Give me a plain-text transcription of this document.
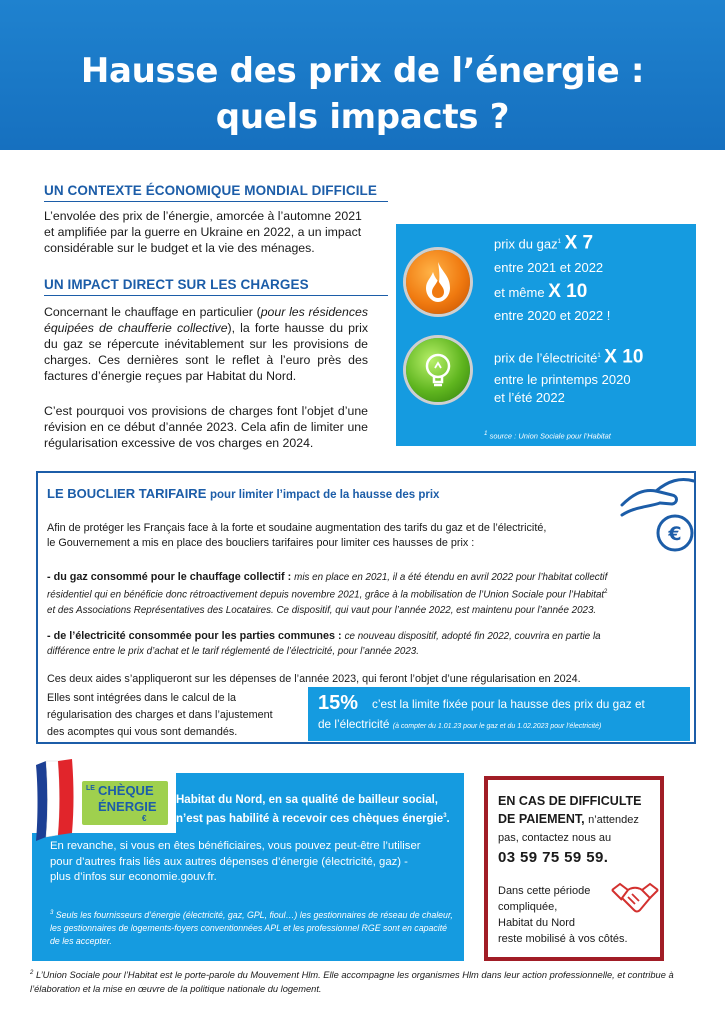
Hausse des prix de l’énergie :
quels impacts ?
UN CONTEXTE ÉCONOMIQUE MONDIAL DIFFICILE
L’envolée des prix de l’énergie, amorcée à l’automne 2021
et amplifiée par la guerre en Ukraine en 2022, a un impact
considérable sur le budget et la vie des ménages.
UN IMPACT DIRECT SUR LES CHARGES
Concernant le chauffage en particulier (pour les résidences équipées de chaufferie collective), la forte hausse du prix du gaz se répercute inévitablement sur les provisions de charges. Ces dernières sont le reflet à l’euro près des factures d’énergie reçues par Habitat du Nord.
C’est pourquoi vos provisions de charges font l’objet d’une révision en ce début d’année 2023. Cela afin de limiter une régularisation excessive de vos charges en 2024.
prix du gaz$^1$ X 7
entre 2021 et 2022
et même X 10
entre 2020 et 2022 !
prix de l’électricité$^1$ X 10
entre le printemps 2020
et l’été 2022
$^1$ source : Union Sociale pour l’Habitat
LE BOUCLIER TARIFAIRE pour limiter l’impact de la hausse des prix
€
Afin de protéger les Français face à la forte et soudaine augmentation des tarifs du gaz et de l’électricité,
le Gouvernement a mis en place des boucliers tarifaires pour limiter ces hausses de prix :
- du gaz consommé pour le chauffage collectif : mis en place en 2021, il a été étendu en avril 2022 pour l’habitat collectif
résidentiel qui en bénéficie donc rétroactivement depuis novembre 2021, grâce à la mobilisation de l’Union Sociale pour l’Habitat$^2$
et des Associations Représentatives des Locataires. Ce dispositif, qui vaut pour l’année 2022, est maintenu pour l’année 2023.
- de l’électricité consommée pour les parties communes : ce nouveau dispositif, adopté fin 2022, couvrira en partie la
différence entre le prix d’achat et le tarif réglementé de l’électricité, pour l’année 2023.
Ces deux aides s’appliqueront sur les dépenses de l’année 2023, qui feront l’objet d’une régularisation en 2024.
Elles sont intégrées dans le calcul de la
régularisation des charges et dans l’ajustement
des acomptes qui vous sont demandés.
15% c’est la limite fixée pour la hausse des prix du gaz et
de l’électricité (à compter du 1.01.23 pour le gaz et du 1.02.2023 pour l’électricité)
LE CHÈQUE
ÉNERGIE
€
Habitat du Nord, en sa qualité de bailleur social,
n’est pas habilité à recevoir ces chèques énergie$^3$.
En revanche, si vous en êtes bénéficiaires, vous pouvez peut-être l’utiliser
pour d’autres frais liés aux autres dépenses d’énergie (électricité, gaz) -
plus d’infos sur economie.gouv.fr.
$^3$ Seuls les fournisseurs d’énergie (électricité, gaz, GPL, fioul…) les gestionnaires de réseau de chaleur, les gestionnaires de logements-foyers conventionnées APL et les professionnel RGE sont en capacité de les accepter.
EN CAS DE DIFFICULTE
DE PAIEMENT, n’attendez
pas, contactez nous au
03 59 75 59 59.
Dans cette période
compliquée,
Habitat du Nord
reste mobilisé à vos côtés.
$^2$ L’Union Sociale pour l’Habitat est le porte-parole du Mouvement Hlm. Elle accompagne les organismes Hlm dans leur action professionnelle, et contribue à l’élaboration et la mise en œuvre de la politique nationale du logement.
